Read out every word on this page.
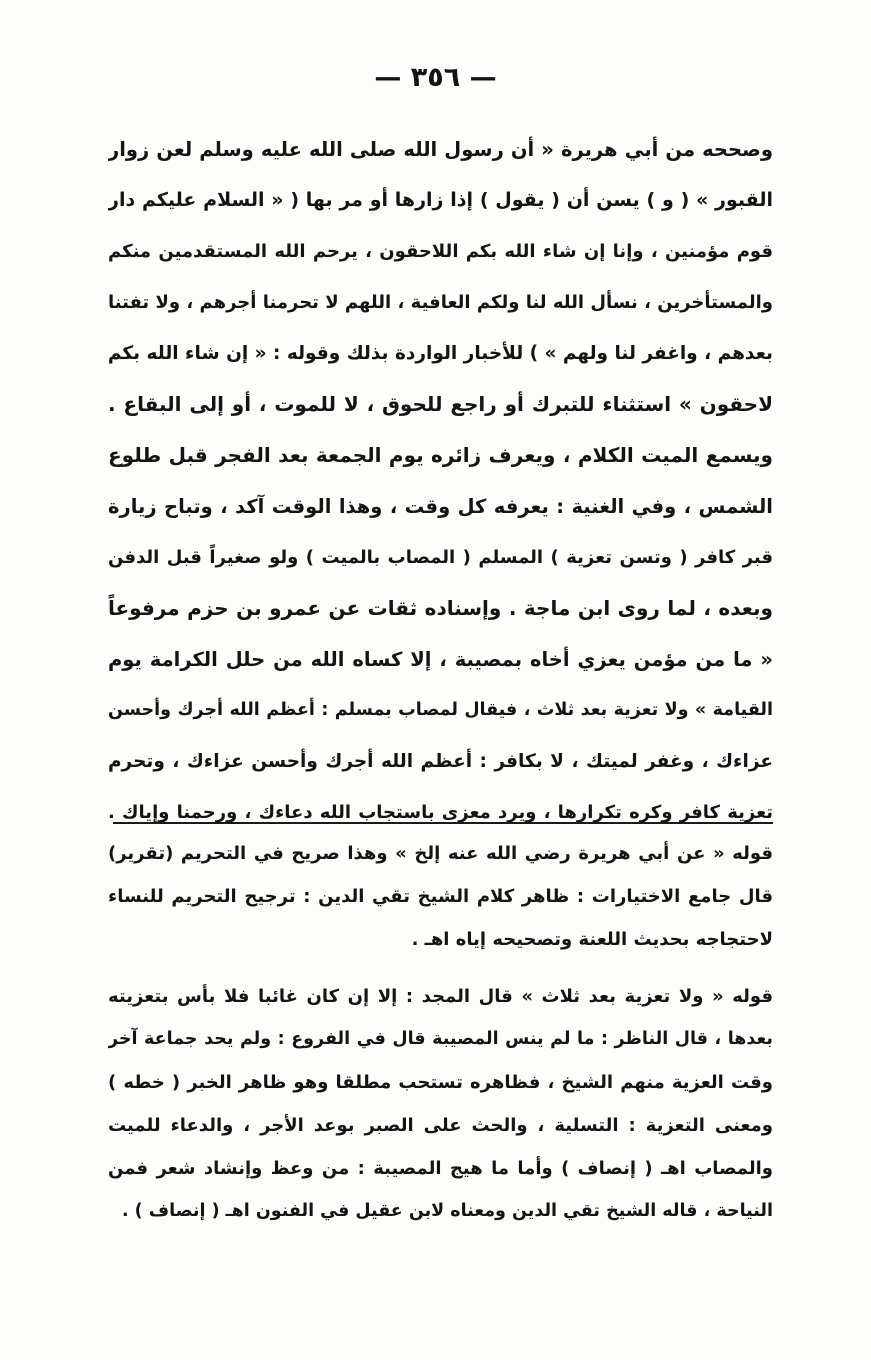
— ٣٥٦ —
وصححه من أبي هريرة « أن رسول الله صلى الله عليه وسلم لعن زوار
القبور » ( و ) يسن أن ( يقول ) إذا زارها أو مر بها ( « السلام عليكم دار
قوم مؤمنين ، وإنا إن شاء الله بكم اللاحقون ، يرحم الله المستقدمين منكم
والمستأخرين ، نسأل الله لنا ولكم العافية ، اللهم لا تحرمنا أجرهم ، ولا تفتنا
بعدهم ، واغفر لنا ولهم » ) للأخبار الواردة بذلك وقوله : « إن شاء الله بكم
لاحقون » استثناء للتبرك أو راجع للحوق ، لا للموت ، أو إلى البقاع .
ويسمع الميت الكلام ، ويعرف زائره يوم الجمعة بعد الفجر قبل طلوع
الشمس ، وفي الغنية : يعرفه كل وقت ، وهذا الوقت آكد ، وتباح زيارة
قبر كافر ( وتسن تعزية ) المسلم ( المصاب بالميت ) ولو صغيراً قبل الدفن
وبعده ، لما روى ابن ماجة . وإسناده ثقات عن عمرو بن حزم مرفوعاً
« ما من مؤمن يعزي أخاه بمصيبة ، إلا كساه الله من حلل الكرامة يوم
القيامة » ولا تعزية بعد ثلاث ، فيقال لمصاب بمسلم : أعظم الله أجرك وأحسن
عزاءك ، وغفر لميتك ، لا بكافر : أعظم الله أجرك وأحسن عزاءك ، وتحرم
تعزية كافر وكره تكرارها ، ويرد معزى باستجاب الله دعاءك ، ورحمنا وإياك .
قوله « عن أبي هريرة رضي الله عنه إلخ » وهذا صريح في التحريم (تقرير)
قال جامع الاختيارات : ظاهر كلام الشيخ تقي الدين : ترجيح التحريم للنساء
لاحتجاجه بحديث اللعنة وتصحيحه إياه اهـ .
قوله « ولا تعزية بعد ثلاث » قال المجد : إلا إن كان غائبا فلا بأس بتعزيته
بعدها ، قال الناظر : ما لم ينس المصيبة قال في الفروع : ولم يحد جماعة آخر
وقت العزية منهم الشيخ ، فظاهره تستحب مطلقا وهو ظاهر الخبر ( خطه )
ومعنى التعزية : التسلية ، والحث على الصبر بوعد الأجر ، والدعاء للميت
والمصاب اهـ ( إنصاف ) وأما ما هيج المصيبة : من وعظ وإنشاد شعر فمن
النياحة ، قاله الشيخ تقي الدين ومعناه لابن عقيل في الفنون اهـ ( إنصاف ) .
